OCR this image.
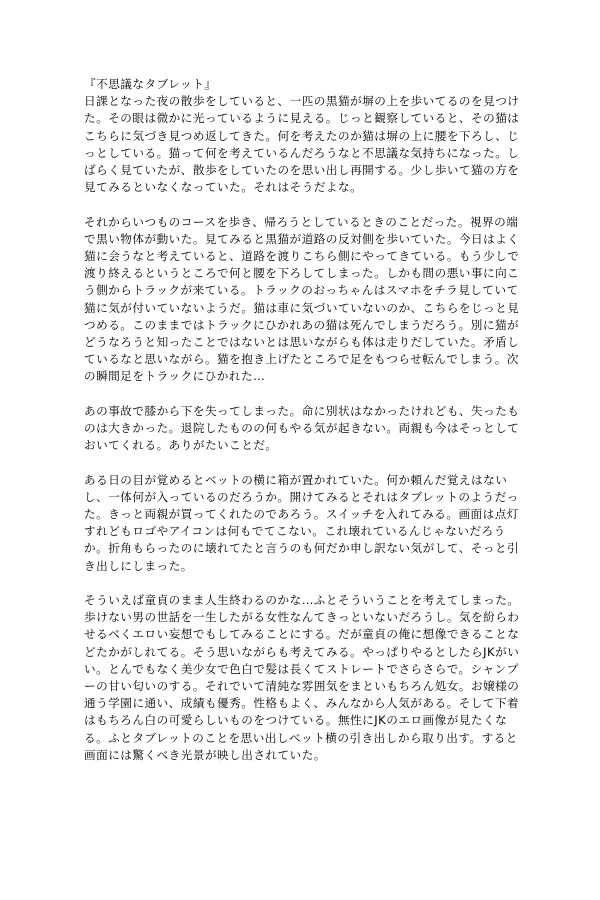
『不思議なタブレット』

日課となった夜の散歩をしていると、一匹の黒猫が塀の上を歩いてるのを見つけた。その眼は微かに光っているように見える。じっと観察していると、その猫はこちらに気づき見つめ返してきた。何を考えたのか猫は塀の上に腰を下ろし、じっとしている。猫って何を考えているんだろうなと不思議な気持ちになった。しばらく見ていたが、散歩をしていたのを思い出し再開する。少し歩いて猫の方を見てみるといなくなっていた。それはそうだよな。

それからいつものコースを歩き、帰ろうとしているときのことだった。視界の端で黒い物体が動いた。見てみると黒猫が道路の反対側を歩いていた。今日はよく猫に会うなと考えていると、道路を渡りこちら側にやってきている。もう少しで渡り終えるというところで何と腰を下ろしてしまった。しかも間の悪い事に向こう側からトラックが来ている。トラックのおっちゃんはスマホをチラ見していて猫に気が付いていないようだ。猫は車に気づいていないのか、こちらをじっと見つめる。このままではトラックにひかれあの猫は死んでしまうだろう。別に猫がどうなろうと知ったことではないとは思いながらも体は走りだしていた。矛盾しているなと思いながら。猫を抱き上げたところで足をもつらせ転んでしまう。次の瞬間足をトラックにひかれた…

あの事故で膝から下を失ってしまった。命に別状はなかったけれども、失ったものは大きかった。退院したものの何もやる気が起きない。両親も今はそっとしておいてくれる。ありがたいことだ。

ある日の目が覚めるとベットの横に箱が置かれていた。何か頼んだ覚えはないし、一体何が入っているのだろうか。開けてみるとそれはタブレットのようだった。きっと両親が買ってくれたのであろう。スイッチを入れてみる。画面は点灯すれどもロゴやアイコンは何もでてこない。これ壊れているんじゃないだろうか。折角もらったのに壊れてたと言うのも何だか申し訳ない気がして、そっと引き出しにしまった。

そういえば童貞のまま人生終わるのかな…ふとそういうことを考えてしまった。歩けない男の世話を一生したがる女性なんてきっといないだろうし。気を紛らわせるべくエロい妄想でもしてみることにする。だが童貞の俺に想像できることなどたかがしれてる。そう思いながらも考えてみる。やっぱりやるとしたらJKがいい。とんでもなく美少女で色白で髪は長くてストレートでさらさらで。シャンプーの甘い匂いのする。それでいて清純な雰囲気をまといもちろん処女。お嬢様の通う学園に通い、成績も優秀。性格もよく、みんなから人気がある。そして下着はもちろん白の可愛らしいものをつけている。無性にJKのエロ画像が見たくなる。ふとタブレットのことを思い出しベット横の引き出しから取り出す。すると画面には驚くべき光景が映し出されていた。
